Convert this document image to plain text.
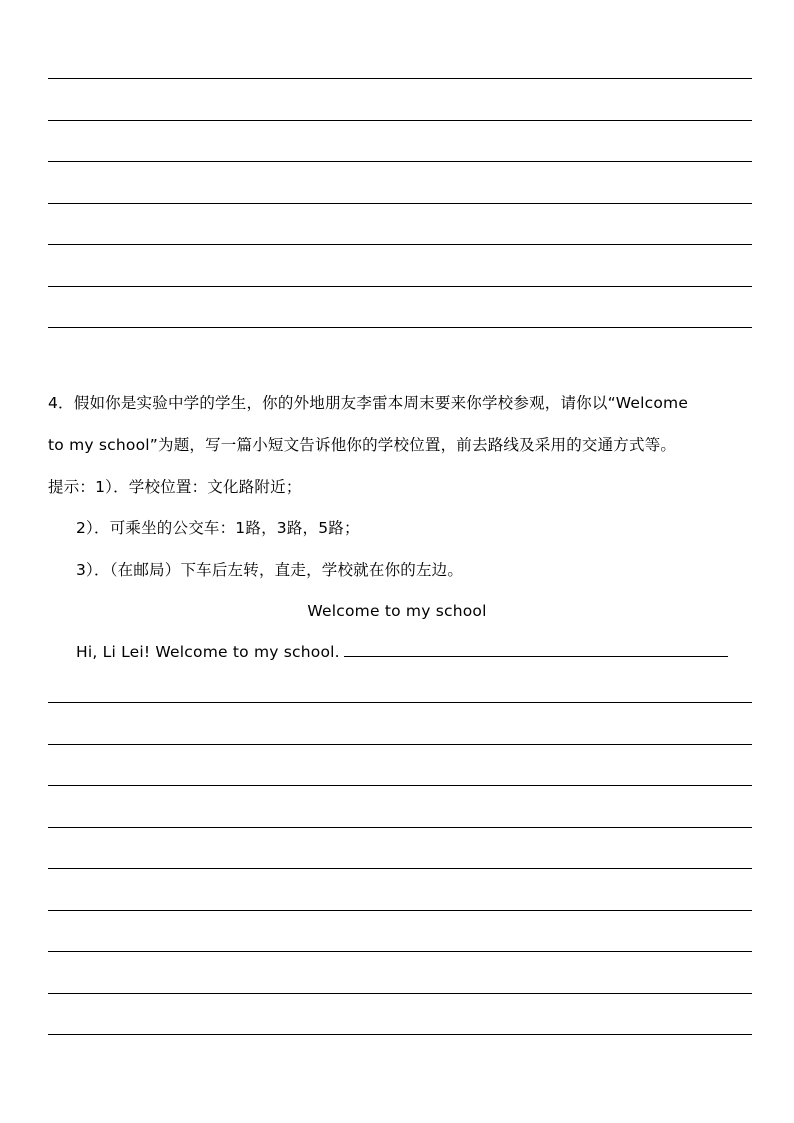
4．假如你是实验中学的学生，你的外地朋友李雷本周末要来你学校参观，请你以“Welcome
to my school”为题，写一篇小短文告诉他你的学校位置，前去路线及采用的交通方式等。
提示：1）．学校位置：文化路附近；
2）．可乘坐的公交车：1路，3路，5路；
3）．（在邮局）下车后左转，直走，学校就在你的左边。
Welcome to my school
Hi, Li Lei! Welcome to my school.
